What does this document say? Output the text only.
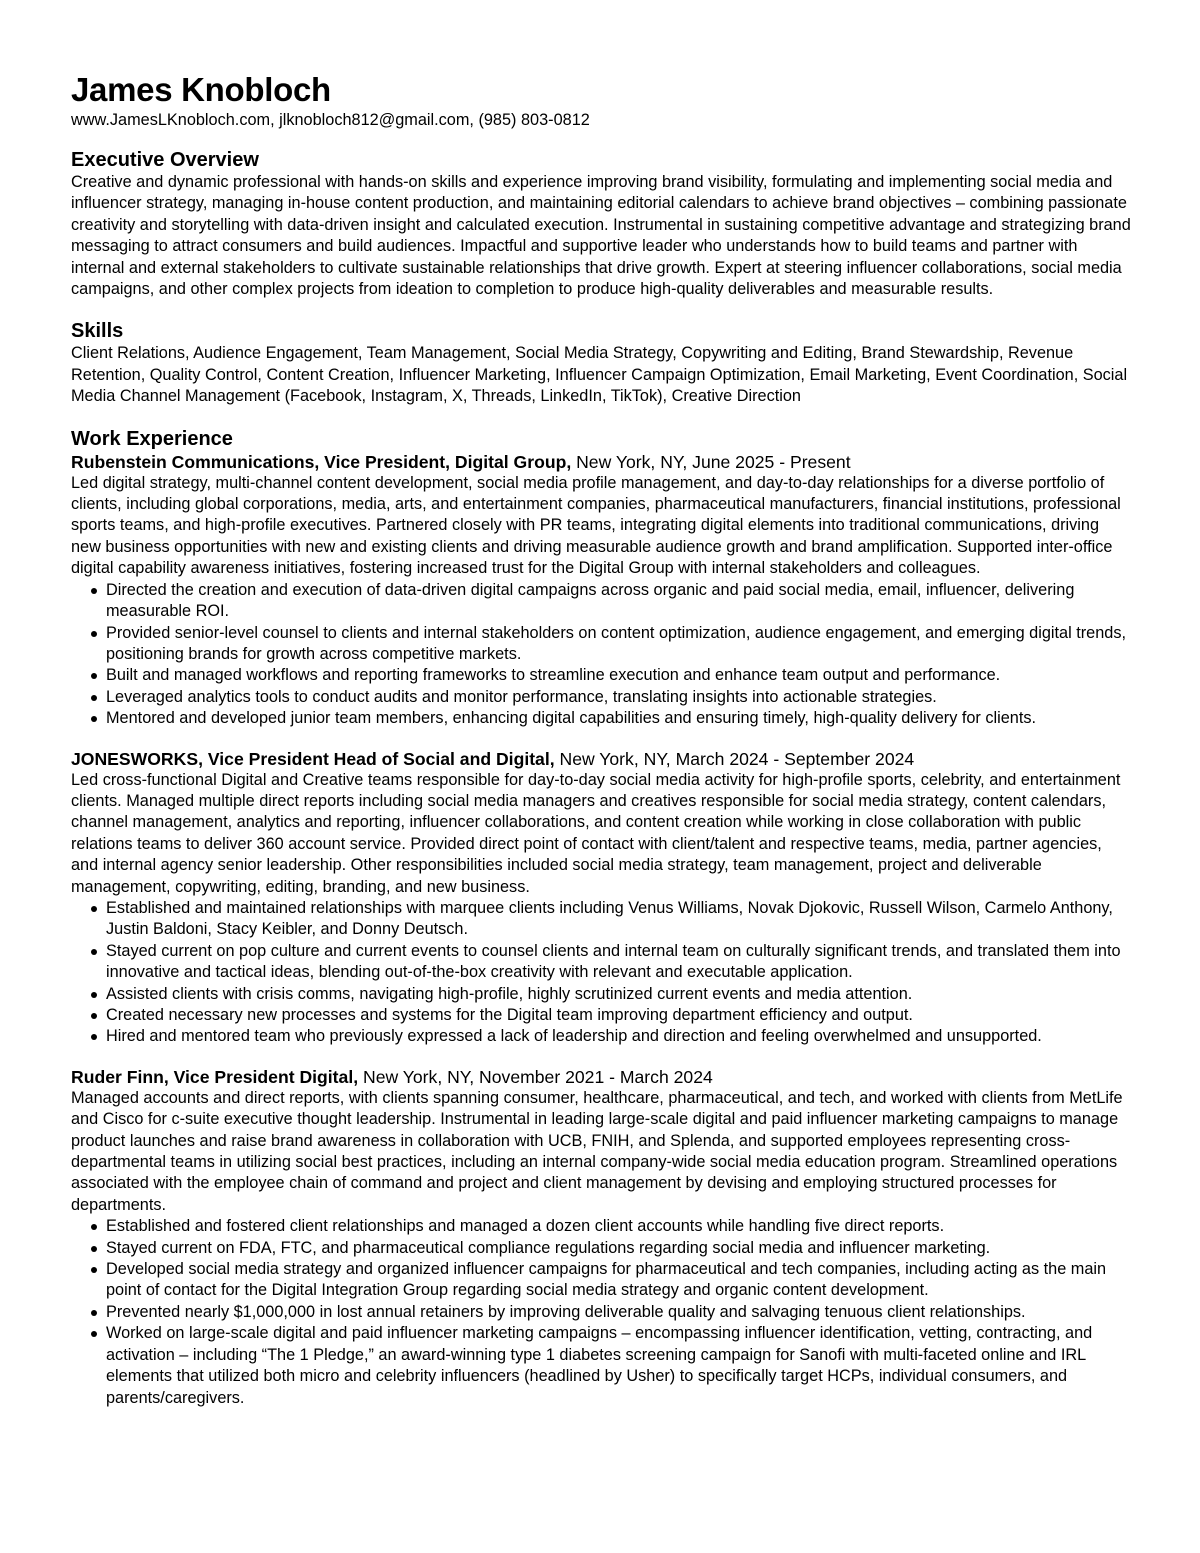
James Knobloch
www.JamesLKnobloch.com, jlknobloch812@gmail.com, (985) 803-0812
Executive Overview

Creative and dynamic professional with hands-on skills and experience improving brand visibility, formulating and implementing social media and influencer strategy, managing in-house content production, and maintaining editorial calendars to achieve brand objectives – combining passionate creativity and storytelling with data-driven insight and calculated execution. Instrumental in sustaining competitive advantage and strategizing brand messaging to attract consumers and build audiences. Impactful and supportive leader who understands how to build teams and partner with internal and external stakeholders to cultivate sustainable relationships that drive growth. Expert at steering influencer collaborations, social media campaigns, and other complex projects from ideation to completion to produce high-quality deliverables and measurable results.

Skills

Client Relations, Audience Engagement, Team Management, Social Media Strategy, Copywriting and Editing, Brand Stewardship, Revenue Retention, Quality Control, Content Creation, Influencer Marketing, Influencer Campaign Optimization, Email Marketing, Event Coordination, Social Media Channel Management (Facebook, Instagram, X, Threads, LinkedIn, TikTok), Creative Direction

Work Experience
Rubenstein Communications, Vice President, Digital Group, New York, NY, June 2025 - Present

Led digital strategy, multi-channel content development, social media profile management, and day-to-day relationships for a diverse portfolio of clients, including global corporations, media, arts, and entertainment companies, pharmaceutical manufacturers, financial institutions, professional sports teams, and high-profile executives. Partnered closely with PR teams, integrating digital elements into traditional communications, driving new business opportunities with new and existing clients and driving measurable audience growth and brand amplification. Supported inter-office digital capability awareness initiatives, fostering increased trust for the Digital Group with internal stakeholders and colleagues.

Directed the creation and execution of data-driven digital campaigns across organic and paid social media, email, influencer, delivering measurable ROI.
Provided senior-level counsel to clients and internal stakeholders on content optimization, audience engagement, and emerging digital trends, positioning brands for growth across competitive markets.
Built and managed workflows and reporting frameworks to streamline execution and enhance team output and performance.
Leveraged analytics tools to conduct audits and monitor performance, translating insights into actionable strategies.
Mentored and developed junior team members, enhancing digital capabilities and ensuring timely, high-quality delivery for clients.
JONESWORKS, Vice President Head of Social and Digital, New York, NY, March 2024 - September 2024

Led cross-functional Digital and Creative teams responsible for day-to-day social media activity for high-profile sports, celebrity, and entertainment clients. Managed multiple direct reports including social media managers and creatives responsible for social media strategy, content calendars, channel management, analytics and reporting, influencer collaborations, and content creation while working in close collaboration with public relations teams to deliver 360 account service. Provided direct point of contact with client/talent and respective teams, media, partner agencies, and internal agency senior leadership. Other responsibilities included social media strategy, team management, project and deliverable management, copywriting, editing, branding, and new business.

Established and maintained relationships with marquee clients including Venus Williams, Novak Djokovic, Russell Wilson, Carmelo Anthony, Justin Baldoni, Stacy Keibler, and Donny Deutsch.
Stayed current on pop culture and current events to counsel clients and internal team on culturally significant trends, and translated them into innovative and tactical ideas, blending out-of-the-box creativity with relevant and executable application.
Assisted clients with crisis comms, navigating high-profile, highly scrutinized current events and media attention.
Created necessary new processes and systems for the Digital team improving department efficiency and output.
Hired and mentored team who previously expressed a lack of leadership and direction and feeling overwhelmed and unsupported.
Ruder Finn, Vice President Digital, New York, NY, November 2021 - March 2024

Managed accounts and direct reports, with clients spanning consumer, healthcare, pharmaceutical, and tech, and worked with clients from MetLife and Cisco for c-suite executive thought leadership. Instrumental in leading large-scale digital and paid influencer marketing campaigns to manage product launches and raise brand awareness in collaboration with UCB, FNIH, and Splenda, and supported employees representing cross-departmental teams in utilizing social best practices, including an internal company-wide social media education program. Streamlined operations associated with the employee chain of command and project and client management by devising and employing structured processes for departments.

Established and fostered client relationships and managed a dozen client accounts while handling five direct reports.
Stayed current on FDA, FTC, and pharmaceutical compliance regulations regarding social media and influencer marketing.
Developed social media strategy and organized influencer campaigns for pharmaceutical and tech companies, including acting as the main point of contact for the Digital Integration Group regarding social media strategy and organic content development.
Prevented nearly $1,000,000 in lost annual retainers by improving deliverable quality and salvaging tenuous client relationships.
Worked on large-scale digital and paid influencer marketing campaigns – encompassing influencer identification, vetting, contracting, and activation – including “The 1 Pledge,” an award-winning type 1 diabetes screening campaign for Sanofi with multi-faceted online and IRL elements that utilized both micro and celebrity influencers (headlined by Usher) to specifically target HCPs, individual consumers, and parents/caregivers.
